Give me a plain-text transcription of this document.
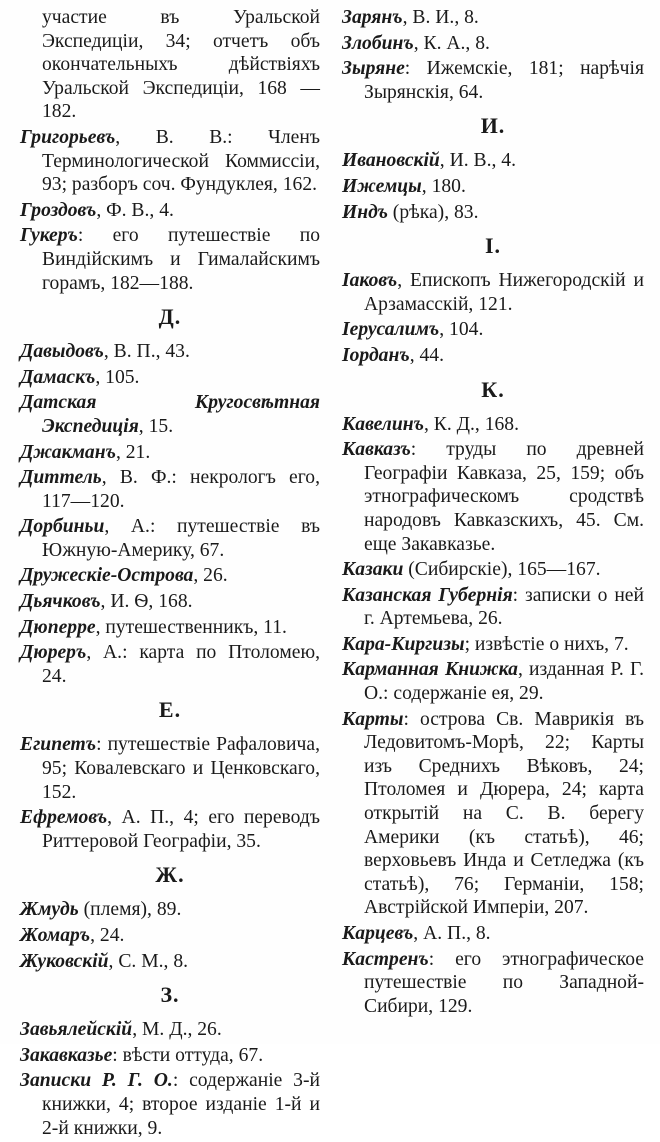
участие въ Уральской Экспедиціи, 34; отчетъ объ окончательныхъ дѣйствіяхъ Уральской Экспедиціи, 168 — 182.
Григорьевъ, В. В.: Членъ Терминологической Коммиссіи, 93; разборъ соч. Фундуклея, 162.
Гроздовъ, Ф. В., 4.
Гукеръ: его путешествіе по Виндійскимъ и Гималайскимъ горамъ, 182—188.
Д.
Давыдовъ, В. П., 43.
Дамаскъ, 105.
Датская Кругосвѣтная Экспедиція, 15.
Джакманъ, 21.
Диттель, В. Ф.: некрологъ его, 117—120.
Дорбиньи, А.: путешествіе въ Южную-Америку, 67.
Дружескіе-Острова, 26.
Дьячковъ, И. Ѳ, 168.
Дюперре, путешественникъ, 11.
Дюреръ, А.: карта по Птоломею, 24.
Е.
Египетъ: путешествіе Рафаловича, 95; Ковалевскаго и Ценковскаго, 152.
Ефремовъ, А. П., 4; его переводъ Риттеровой Географіи, 35.
Ж.
Жмудь (племя), 89.
Жомаръ, 24.
Жуковскій, С. М., 8.
З.
Завьялейскій, М. Д., 26.
Закавказье: вѣсти оттуда, 67.
Записки Р. Г. О.: содержаніе 3-й книжки, 4; второе изданіе 1-й и 2-й книжки, 9.
Зарянъ, В. И., 8.
Злобинъ, К. А., 8.
Зыряне: Ижемскіе, 181; нарѣчія Зырянскія, 64.
И.
Ивановскій, И. В., 4.
Ижемцы, 180.
Индъ (рѣка), 83.
І.
Іаковъ, Епископъ Нижегородскій и Арзамасскій, 121.
Іерусалимъ, 104.
Іорданъ, 44.
К.
Кавелинъ, К. Д., 168.
Кавказъ: труды по древней Географіи Кавказа, 25, 159; объ этнографическомъ сродствѣ народовъ Кавказскихъ, 45. См. еще Закавказье.
Казаки (Сибирскіе), 165—167.
Казанская Губернія: записки о ней г. Артемьева, 26.
Кара-Киргизы; извѣстіе о нихъ, 7.
Карманная Книжка, изданная Р. Г. О.: содержаніе ея, 29.
Карты: острова Св. Маврикія въ Ледовитомъ-Морѣ, 22; Карты изъ Среднихъ Вѣковъ, 24; Птоломея и Дюрера, 24; карта открытій на С. В. берегу Америки (къ статьѣ), 46; верховьевъ Инда и Сетледжа (къ статьѣ), 76; Германіи, 158; Австрійской Имперіи, 207.
Карцевъ, А. П., 8.
Кастренъ: его этнографическое путешествіе по Западной-Сибири, 129.
